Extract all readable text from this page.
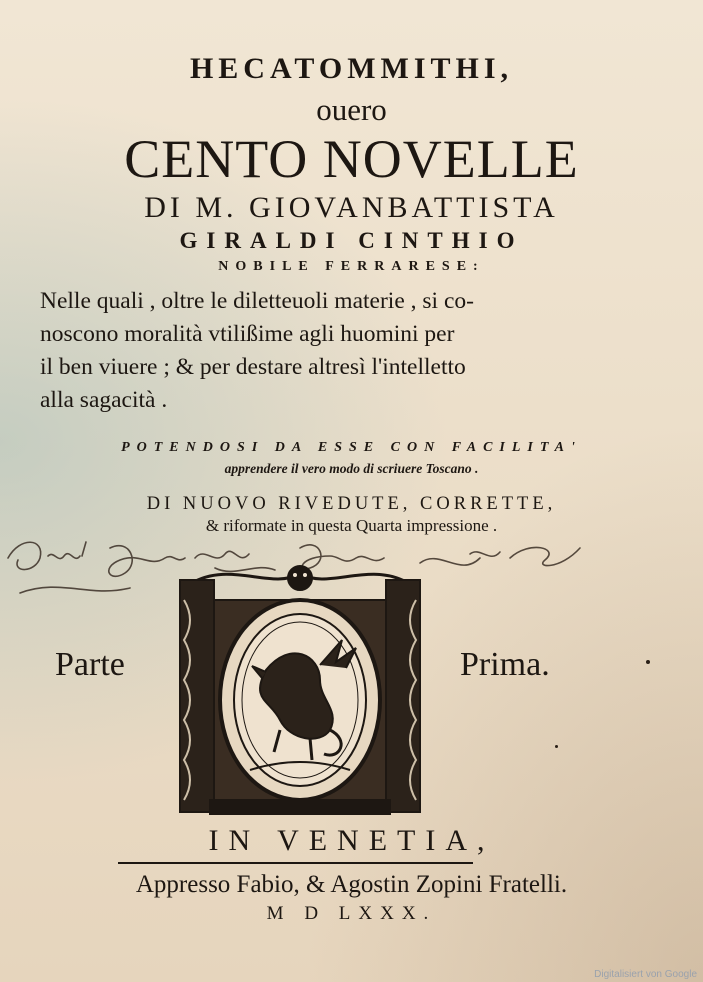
HECATOMMITHI,
ouero
CENTO NOVELLE
DI M. GIOVANBATTISTA
GIRALDI CINTHIO
NOBILE FERRARESE:
Nelle quali , oltre le diletteuoli materie , si co-
noscono moralità vtilißime agli huomini per
il ben viuere ; & per destare altresì l'intelletto
alla sagacità .
POTENDOSI DA ESSE CON FACILITA'
apprendere il vero modo di scriuere Toscano .
DI NUOVO RIVEDUTE, CORRETTE,
& riformate in questa Quarta impressione .
Parte	Prima.
IN VENETIA,
Appresso Fabio, & Agostin Zopini Fratelli.
M D LXXX.
Digitalisiert von Google
